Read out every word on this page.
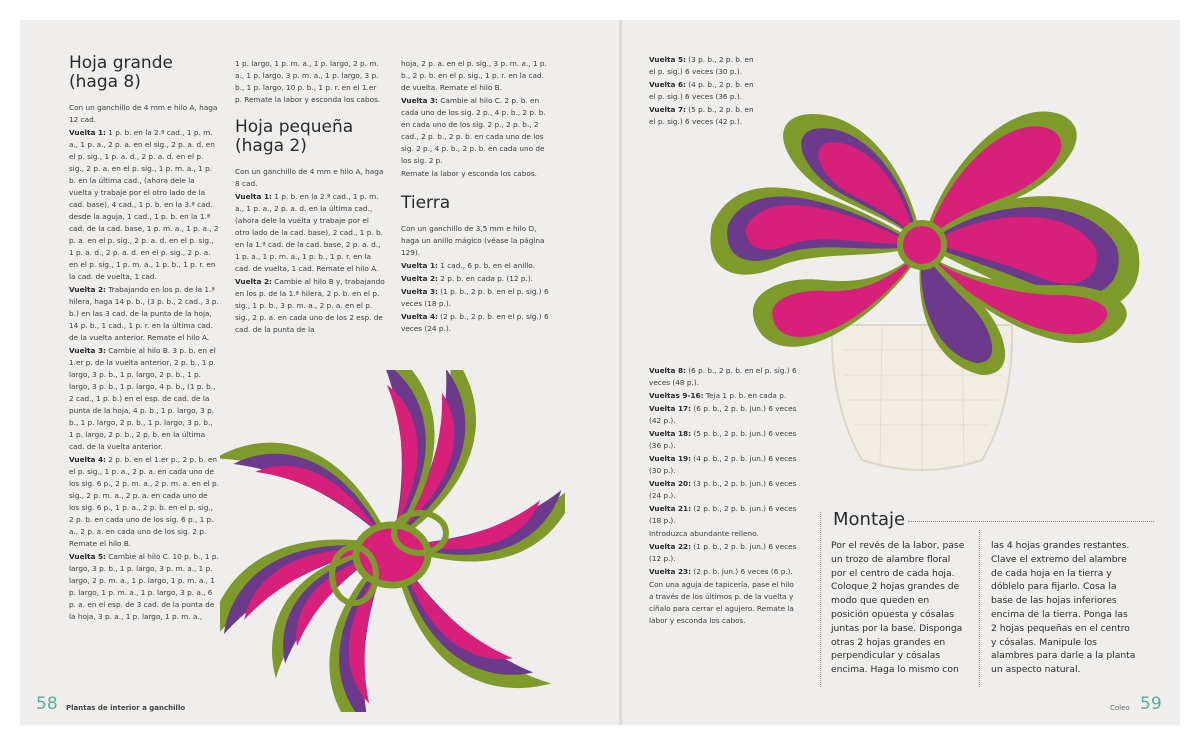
Hoja grande
(haga 8)

Con un ganchillo de 4 mm e hilo A, haga 12 cad.

Vuelta 1: 1 p. b. en la 2.ª cad., 1 p. m. a., 1 p. a., 2 p. a. en el sig., 2 p. a. d. en el p. sig., 1 p. a. d., 2 p. a. d. en el p. sig., 2 p. a. en el p. sig., 1 p. m. a., 1 p. b. en la última cad., (ahora dele la vuelta y trabaje por el otro lado de la cad. base), 4 cad., 1 p. b. en la 3.ª cad. desde la aguja, 1 cad., 1 p. b. en la 1.ª cad. de la cad. base, 1 p. m. a., 1 p. a., 2 p. a. en el p. sig., 2 p. a. d. en el p. sig., 1 p. a. d., 2 p. a. d. en el p. sig., 2 p. a. en el p. sig., 1 p. m. a., 1 p. b., 1 p. r. en la cad. de vuelta, 1 cad.

Vuelta 2: Trabajando en los p. de la 1.ª hilera, haga 14 p. b., (3 p. b., 2 cad., 3 p. b.) en las 3 cad. de la punta de la hoja, 14 p. b., 1 cad., 1 p. r. en la última cad. de la vuelta anterior. Remate el hilo A.

Vuelta 3: Cambie al hilo B. 3 p. b. en el 1.er p. de la vuelta anterior, 2 p. b., 1 p. largo, 3 p. b., 1 p. largo, 2 p. b., 1 p. largo, 3 p. b., 1 p. largo, 4 p. b., (1 p. b., 2 cad., 1 p. b.) en el esp. de cad. de la punta de la hoja, 4 p. b., 1 p. largo, 3 p. b., 1 p. largo, 2 p. b., 1 p. largo, 3 p. b., 1 p. largo, 2 p. b., 2 p. b. en la última cad. de la vuelta anterior.

Vuelta 4: 2 p. b. en el 1.er p., 2 p. b. en el p. sig., 1 p. a., 2 p. a. en cada uno de los sig. 6 p., 2 p. m. a., 2 p. m. a. en el p. sig., 2 p. m. a., 2 p. a. en cada uno de los sig. 6 p., 1 p. a., 2 p. b. en el p. sig., 2 p. b. en cada uno de los sig. 6 p., 1 p. a., 2 p. a. en cada uno de los sig. 2 p. Remate el hilo B.

Vuelta 5: Cambie al hilo C. 10 p. b., 1 p. largo, 3 p. b., 1 p. largo, 3 p. m. a., 1 p. largo, 2 p. m. a., 1 p. largo, 1 p. m. a., 1 p. largo, 1 p. m. a., 1 p. largo, 3 p. a., 6 p. a. en el esp. de 3 cad. de la punta de la hoja, 3 p. a., 1 p. largo, 1 p. m. a.,

1 p. largo, 1 p. m. a., 1 p. largo, 2 p. m. a., 1 p. largo, 3 p. m. a., 1 p. largo, 3 p. b., 1 p. largo, 10 p. b., 1 p. r. en el 1.er p. Remate la labor y esconda los cabos.

Hoja pequeña
(haga 2)

Con un ganchillo de 4 mm e hilo A, haga 8 cad.

Vuelta 1: 1 p. b. en la 2.ª cad., 1 p. m. a., 1 p. a., 2 p. a. d. en la última cad., (ahora dele la vuelta y trabaje por el otro lado de la cad. base), 2 cad., 1 p. b. en la 1.ª cad. de la cad. base, 2 p. a. d., 1 p. a., 1 p. m. a., 1 p. b., 1 p. r. en la cad. de vuelta, 1 cad. Remate el hilo A.

Vuelta 2: Cambie al hilo B y, trabajando en los p. de la 1.ª hilera, 2 p. b. en el p. sig., 1 p. b., 3 p. m. a., 2 p. a. en el p. sig., 2 p. a. en cada uno de los 2 esp. de cad. de la punta de la

hoja, 2 p. a. en el p. sig., 3 p. m. a., 1 p. b., 2 p. b. en el p. sig., 1 p. r. en la cad. de vuelta. Remate el hilo B.

Vuelta 3: Cambie al hilo C. 2 p. b. en cada uno de los sig. 2 p., 4 p. b., 2 p. b. en cada uno de los sig. 2 p., 2 p. b., 2 cad., 2 p. b., 2 p. b. en cada uno de los sig. 2 p., 4 p. b., 2 p. b. en cada uno de los sig. 2 p.

Remate la labor y esconda los cabos.

Tierra

Con un ganchillo de 3,5 mm e hilo D, haga un anillo mágico (véase la página 129).

Vuelta 1: 1 cad., 6 p. b. en el anillo.

Vuelta 2: 2 p. b. en cada p. (12 p.).

Vuelta 3: (1 p. b., 2 p. b. en el p. sig.) 6 veces (18 p.).

Vuelta 4: (2 p. b., 2 p. b. en el p. sig.) 6 veces (24 p.).

Vuelta 5: (3 p. b., 2 p. b. en el p. sig.) 6 veces (30 p.).

Vuelta 6: (4 p. b., 2 p. b. en el p. sig.) 6 veces (36 p.).

Vuelta 7: (5 p. b., 2 p. b. en el p. sig.) 6 veces (42 p.).

Vuelta 8: (6 p. b., 2 p. b. en el p. sig.) 6 veces (48 p.).

Vueltas 9-16: Teja 1 p. b. en cada p.

Vuelta 17: (6 p. b., 2 p. b. jun.) 6 veces (42 p.).

Vuelta 18: (5 p. b., 2 p. b. jun.) 6 veces (36 p.).

Vuelta 19: (4 p. b., 2 p. b. jun.) 6 veces (30 p.).

Vuelta 20: (3 p. b., 2 p. b. jun.) 6 veces (24 p.).

Vuelta 21: (2 p. b., 2 p. b. jun.) 6 veces (18 p.).

Introduzca abundante relleno.

Vuelta 22: (1 p. b., 2 p. b. jun.) 6 veces (12 p.).

Vuelta 23: (2 p. b. jun.) 6 veces (6 p.).

Con una aguja de tapicería, pase el hilo a través de los últimos p. de la vuelta y cíñalo para cerrar el agujero. Remate la labor y esconda los cabos.

Montaje
Por el revés de la labor, pase un trozo de alambre floral por el centro de cada hoja. Coloque 2 hojas grandes de modo que queden en posición opuesta y cósalas juntas por la base. Disponga otras 2 hojas grandes en perpendicular y cósalas encima. Haga lo mismo con
las 4 hojas grandes restantes. Clave el extremo del alambre de cada hoja en la tierra y dóblelo para fijarlo. Cosa la base de las hojas inferiores encima de la tierra. Ponga las 2 hojas pequeñas en el centro y cósalas. Manipule los alambres para darle a la planta un aspecto natural.
58 Plantas de interior a ganchillo	Coleo 59
